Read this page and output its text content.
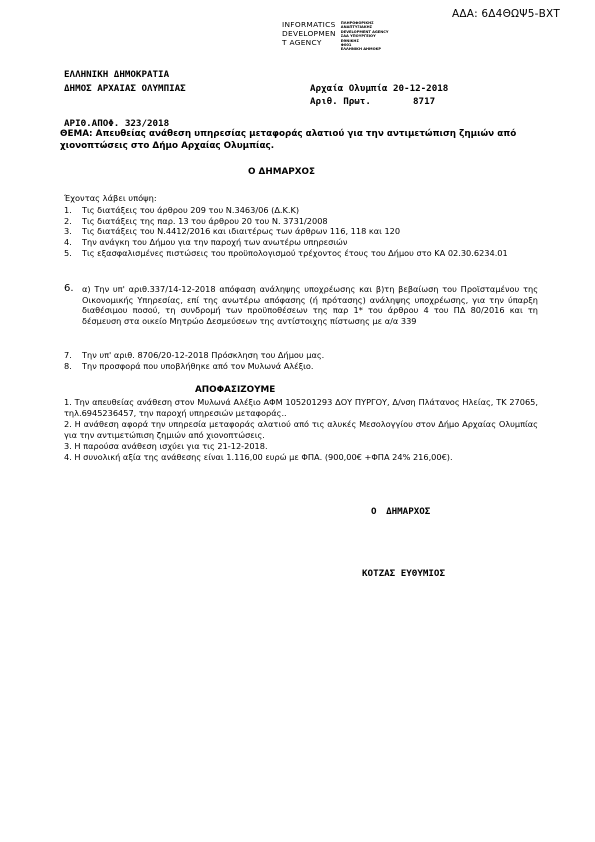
ΑΔΑ: 6Δ4ΘΩΨ5-ΒΧΤ
INFORMATICS
DEVELOPMEN
T AGENCY
ΠΛΗΡΟΦΟΡΙΚΗΣ
ΑΝΑΠΤΥΞΙΑΚΗΣ
DEVELOPMENT AGENCY
ΣΑΑ ΥΠΟΥΡΓΕΙΟΥ
ΕΘΝΙΚΗΣ
Φ001
ΕΛΛΗΝΙΚΗ ΔΗΜΟΚΡ
ΕΛΛΗΝΙΚΗ ΔΗΜΟΚΡΑΤΙΑ
ΔΗΜΟΣ ΑΡΧΑΙΑΣ ΟΛΥΜΠΙΑΣ	Αρχαία Ολυμπία 20-12-2018
Αριθ. Πρωτ.	8717
ΑΡΙΘ.ΑΠΟΦ. 323/2018
ΘΕΜΑ: Απευθείας ανάθεση υπηρεσίας μεταφοράς αλατιού για την αντιμετώπιση ζημιών από χιονοπτώσεις στο Δήμο Αρχαίας Ολυμπίας.
Ο ΔΗΜΑΡΧΟΣ
Έχοντας λάβει υπόψη:
1.	Τις διατάξεις του άρθρου 209 του Ν.3463/06 (Δ.Κ.Κ)
2.	Τις διατάξεις της παρ. 13 του άρθρου 20 του Ν. 3731/2008
3.	Τις διατάξεις του Ν.4412/2016 και ιδιαιτέρως των άρθρων 116, 118 και 120
4.	Την ανάγκη του Δήμου για την παροχή των ανωτέρω υπηρεσιών
5.	Τις εξασφαλισμένες πιστώσεις του προϋπολογισμού τρέχοντος έτους του Δήμου στο ΚΑ 02.30.6234.01
6.	α) Την υπ' αριθ.337/14-12-2018 απόφαση ανάληψης υποχρέωσης και β)τη βεβαίωση του Προϊσταμένου της Οικονομικής Υπηρεσίας, επί της ανωτέρω απόφασης (ή πρότασης) ανάληψης υποχρέωσης, για την ύπαρξη διαθέσιμου ποσού, τη συνδρομή των προϋποθέσεων της παρ 1* του άρθρου 4 του ΠΔ 80/2016 και τη δέσμευση στα οικείο Μητρώο Δεσμεύσεων της αντίστοιχης πίστωσης με α/α 339
7.	Την υπ' αριθ. 8706/20-12-2018 Πρόσκληση του Δήμου μας.
8.	Την προσφορά που υποβλήθηκε από τον Μυλωνά Αλέξιο.
ΑΠΟΦΑΣΙΖΟΥΜΕ

1. Την απευθείας ανάθεση στον Μυλωνά Αλέξιο ΑΦΜ 105201293 ΔΟΥ ΠΥΡΓΟΥ, Δ/νση Πλάτανος Ηλείας, ΤΚ 27065, τηλ.6945236457, την παροχή υπηρεσιών μεταφοράς..

2. Η ανάθεση αφορά την υπηρεσία μεταφοράς αλατιού από τις αλυκές Μεσολογγίου στον Δήμο Αρχαίας Ολυμπίας για την αντιμετώπιση ζημιών από χιονοπτώσεις.

3. Η παρούσα ανάθεση ισχύει για τις 21-12-2018.

4. Η συνολική αξία της ανάθεσης είναι 1.116,00 ευρώ με ΦΠΑ. (900,00€ +ΦΠΑ 24% 216,00€).

Ο ΔΗΜΑΡΧΟΣ
ΚΟΤΖΑΣ ΕΥΘΥΜΙΟΣ
